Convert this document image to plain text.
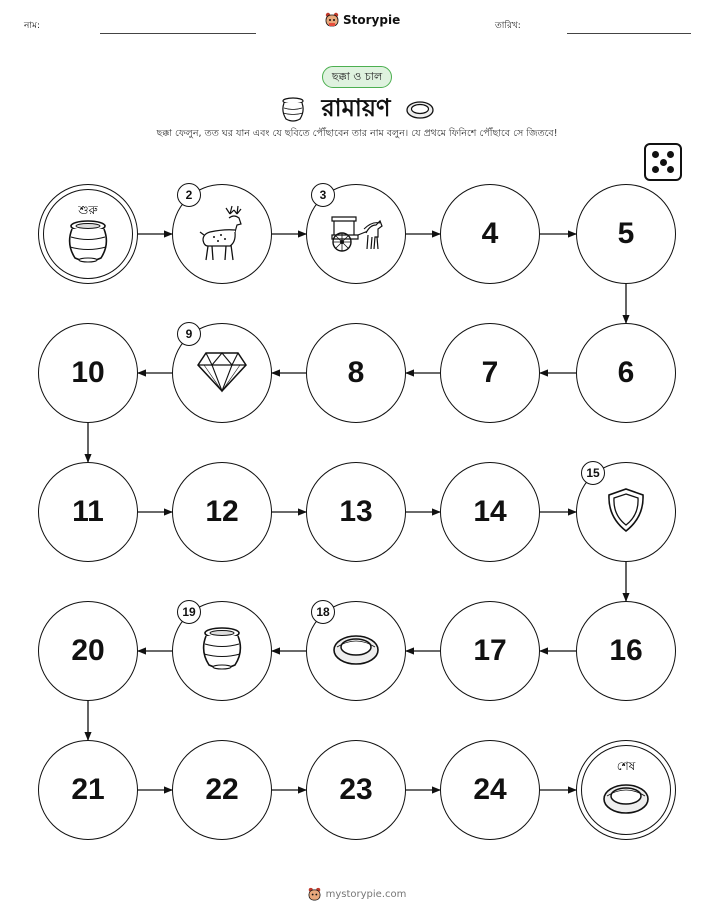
নাম:	Storypie	তারিখ:
ছক্কা ও চাল
রামায়ণ
ছক্কা ফেলুন, তত ঘর যান এবং যে ছবিতে পৌঁছাবেন তার নাম বলুন। যে প্রথমে ফিনিশে পৌঁছাবে সে জিতবে!
শুরু
2	3
4	5
6
7
8
9
10
11	12	13	14
15
16
17
18
19
20
21	22	23	24
শেষ
mystorypie.com
